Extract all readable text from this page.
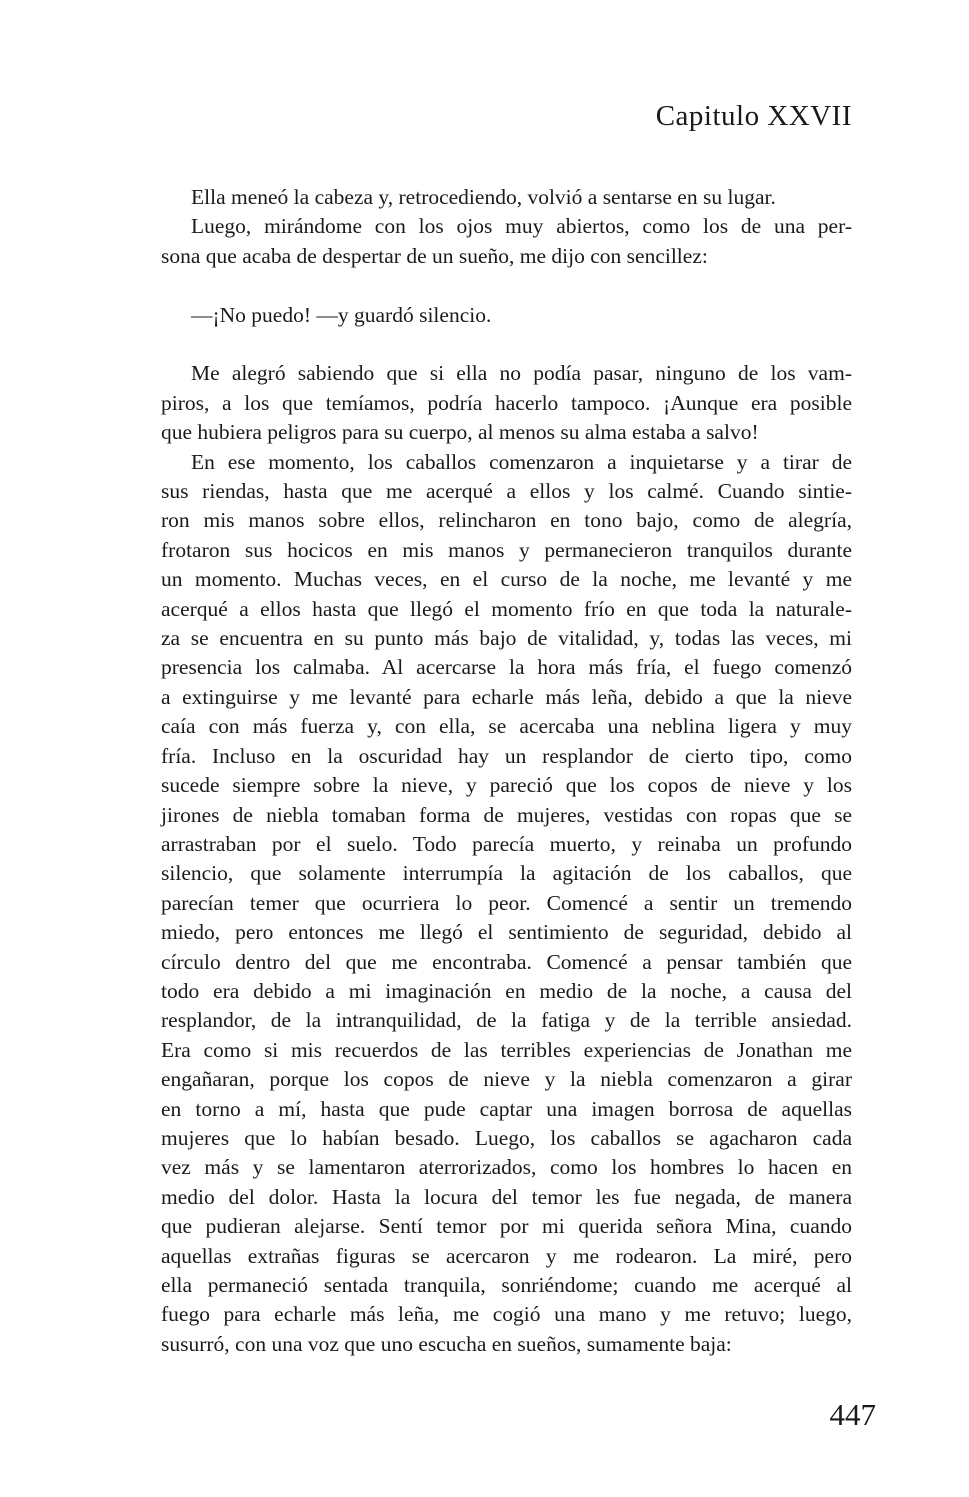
Capitulo XXVII
Ella meneó la cabeza y, retrocediendo, volvió a sentarse en su lugar.
Luego, mirándome con los ojos muy abiertos, como los de una per-
sona que acaba de despertar de un sueño, me dijo con sencillez:
—¡No puedo! —y guardó silencio.
Me alegró sabiendo que si ella no podía pasar, ninguno de los vam-
piros, a los que temíamos, podría hacerlo tampoco. ¡Aunque era posible
que hubiera peligros para su cuerpo, al menos su alma estaba a salvo!
En ese momento, los caballos comenzaron a inquietarse y a tirar de
sus riendas, hasta que me acerqué a ellos y los calmé. Cuando sintie-
ron mis manos sobre ellos, relincharon en tono bajo, como de alegría,
frotaron sus hocicos en mis manos y permanecieron tranquilos durante
un momento. Muchas veces, en el curso de la noche, me levanté y me
acerqué a ellos hasta que llegó el momento frío en que toda la naturale-
za se encuentra en su punto más bajo de vitalidad, y, todas las veces, mi
presencia los calmaba. Al acercarse la hora más fría, el fuego comenzó
a extinguirse y me levanté para echarle más leña, debido a que la nieve
caía con más fuerza y, con ella, se acercaba una neblina ligera y muy
fría. Incluso en la oscuridad hay un resplandor de cierto tipo, como
sucede siempre sobre la nieve, y pareció que los copos de nieve y los
jirones de niebla tomaban forma de mujeres, vestidas con ropas que se
arrastraban por el suelo. Todo parecía muerto, y reinaba un profundo
silencio, que solamente interrumpía la agitación de los caballos, que
parecían temer que ocurriera lo peor. Comencé a sentir un tremendo
miedo, pero entonces me llegó el sentimiento de seguridad, debido al
círculo dentro del que me encontraba. Comencé a pensar también que
todo era debido a mi imaginación en medio de la noche, a causa del
resplandor, de la intranquilidad, de la fatiga y de la terrible ansiedad.
Era como si mis recuerdos de las terribles experiencias de Jonathan me
engañaran, porque los copos de nieve y la niebla comenzaron a girar
en torno a mí, hasta que pude captar una imagen borrosa de aquellas
mujeres que lo habían besado. Luego, los caballos se agacharon cada
vez más y se lamentaron aterrorizados, como los hombres lo hacen en
medio del dolor. Hasta la locura del temor les fue negada, de manera
que pudieran alejarse. Sentí temor por mi querida señora Mina, cuando
aquellas extrañas figuras se acercaron y me rodearon. La miré, pero
ella permaneció sentada tranquila, sonriéndome; cuando me acerqué al
fuego para echarle más leña, me cogió una mano y me retuvo; luego,
susurró, con una voz que uno escucha en sueños, sumamente baja:
447
